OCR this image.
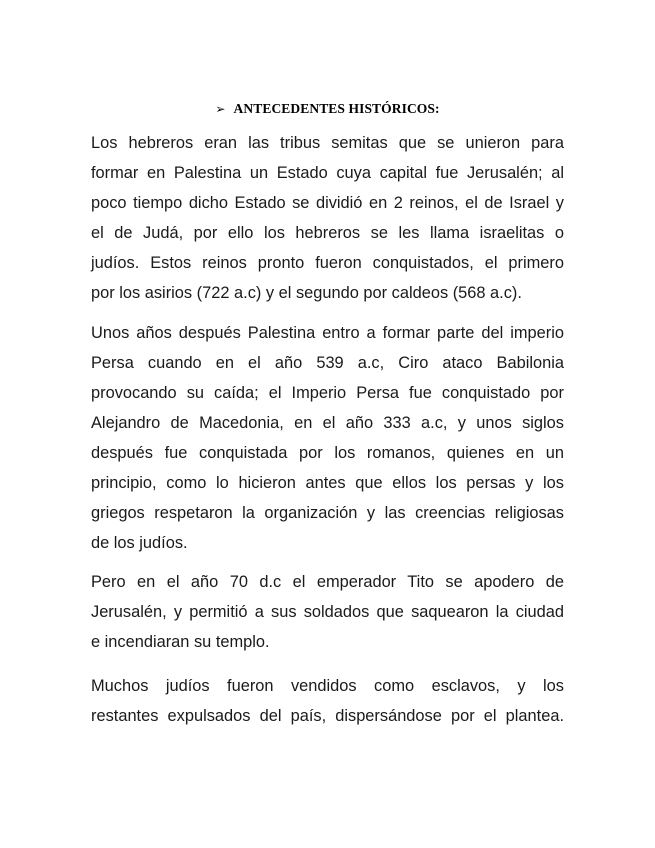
➢ ANTECEDENTES HISTÓRICOS:
Los hebreros eran las tribus semitas que se unieron para
formar en Palestina un Estado cuya capital fue Jerusalén; al
poco tiempo dicho Estado se dividió en 2 reinos, el de Israel y
el de Judá, por ello los hebreros se les llama israelitas o
judíos. Estos reinos pronto fueron conquistados, el primero
por los asirios (722 a.c) y el segundo por caldeos (568 a.c).
Unos años después Palestina entro a formar parte del imperio
Persa cuando en el año 539 a.c, Ciro ataco Babilonia
provocando su caída; el Imperio Persa fue conquistado por
Alejandro de Macedonia, en el año 333 a.c, y unos siglos
después fue conquistada por los romanos, quienes en un
principio, como lo hicieron antes que ellos los persas y los
griegos respetaron la organización y las creencias religiosas
de los judíos.
Pero en el año 70 d.c el emperador Tito se apodero de
Jerusalén, y permitió a sus soldados que saquearon la ciudad
e incendiaran su templo.
Muchos judíos fueron vendidos como esclavos, y los
restantes expulsados del país, dispersándose por el plantea.
